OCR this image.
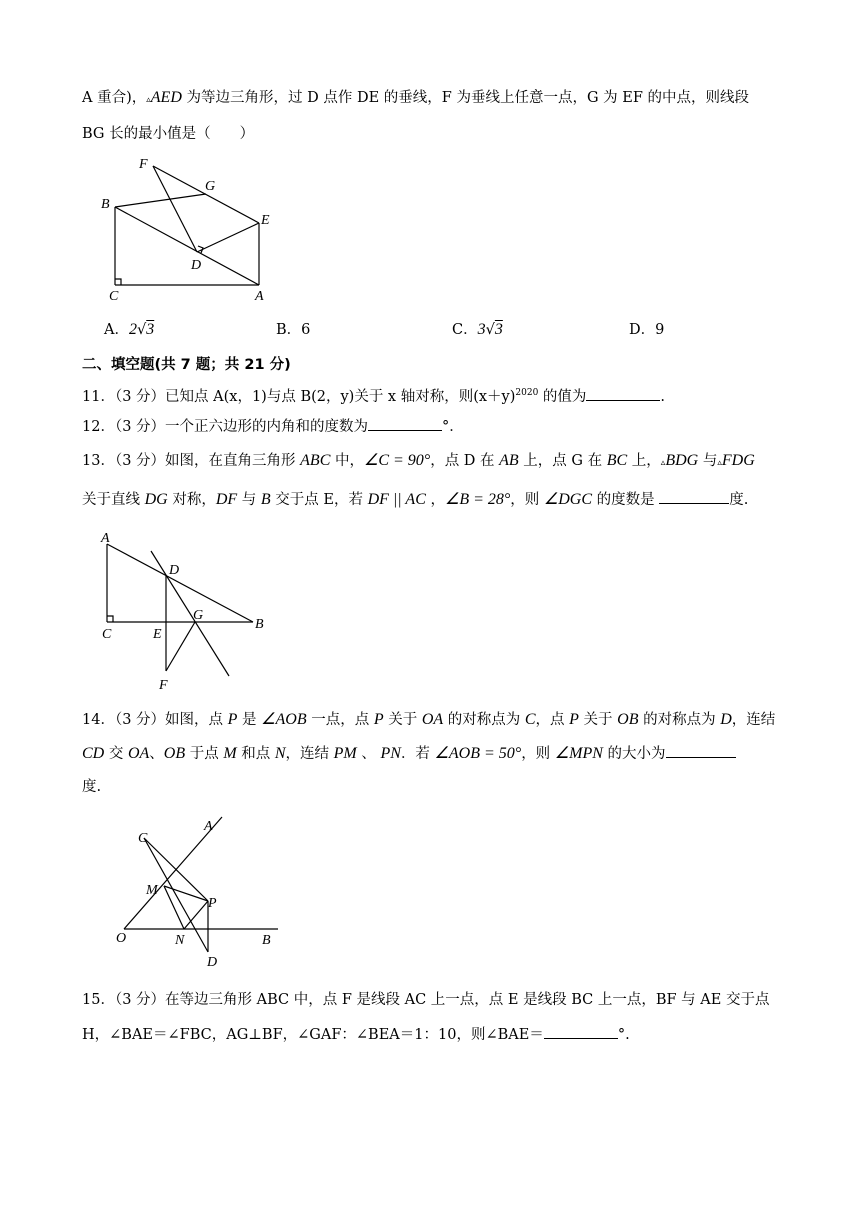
A 重合)，▵AED 为等边三角形，过 D 点作 DE 的垂线，F 为垂线上任意一点，G 为 EF 的中点，则线段
BG 长的最小值是（　　）
F
G
B
E
D
C	A
A．2√3	B．6	C．3√3	D．9
二、填空题(共 7 题；共 21 分)
11．（3 分）已知点 A(x，1)与点 B(2，y)关于 x 轴对称，则$(x+y)^{2020}$ 的值为	.
12．（3 分）一个正六边形的内角和的度数为	°．
13．（3 分）如图，在直角三角形 ABC 中，∠C = 90°，点 D 在 AB 上，点 G 在 BC 上，▵BDG 与▵FDG
关于直线 DG 对称，DF 与 B 交于点 E，若 DF || AC ，∠B = 28°，则 ∠DGC 的度数是	度.
A
D
G
C	E
B
F
14．（3 分）如图，点 P 是 ∠AOB 一点，点 P 关于 OA 的对称点为 C，点 P 关于 OB 的对称点为 D，连结
CD 交 OA、OB 于点 M 和点 N，连结 PM 、 PN．若 ∠AOB = 50°，则 ∠MPN 的大小为
度.
A
C
M
P
O	N	B
D
15．（3 分）在等边三角形 ABC 中，点 F 是线段 AC 上一点，点 E 是线段 BC 上一点，BF 与 AE 交于点
H，∠BAE＝∠FBC，AG⊥BF，∠GAF：∠BEA＝1：10，则∠BAE＝	°.
